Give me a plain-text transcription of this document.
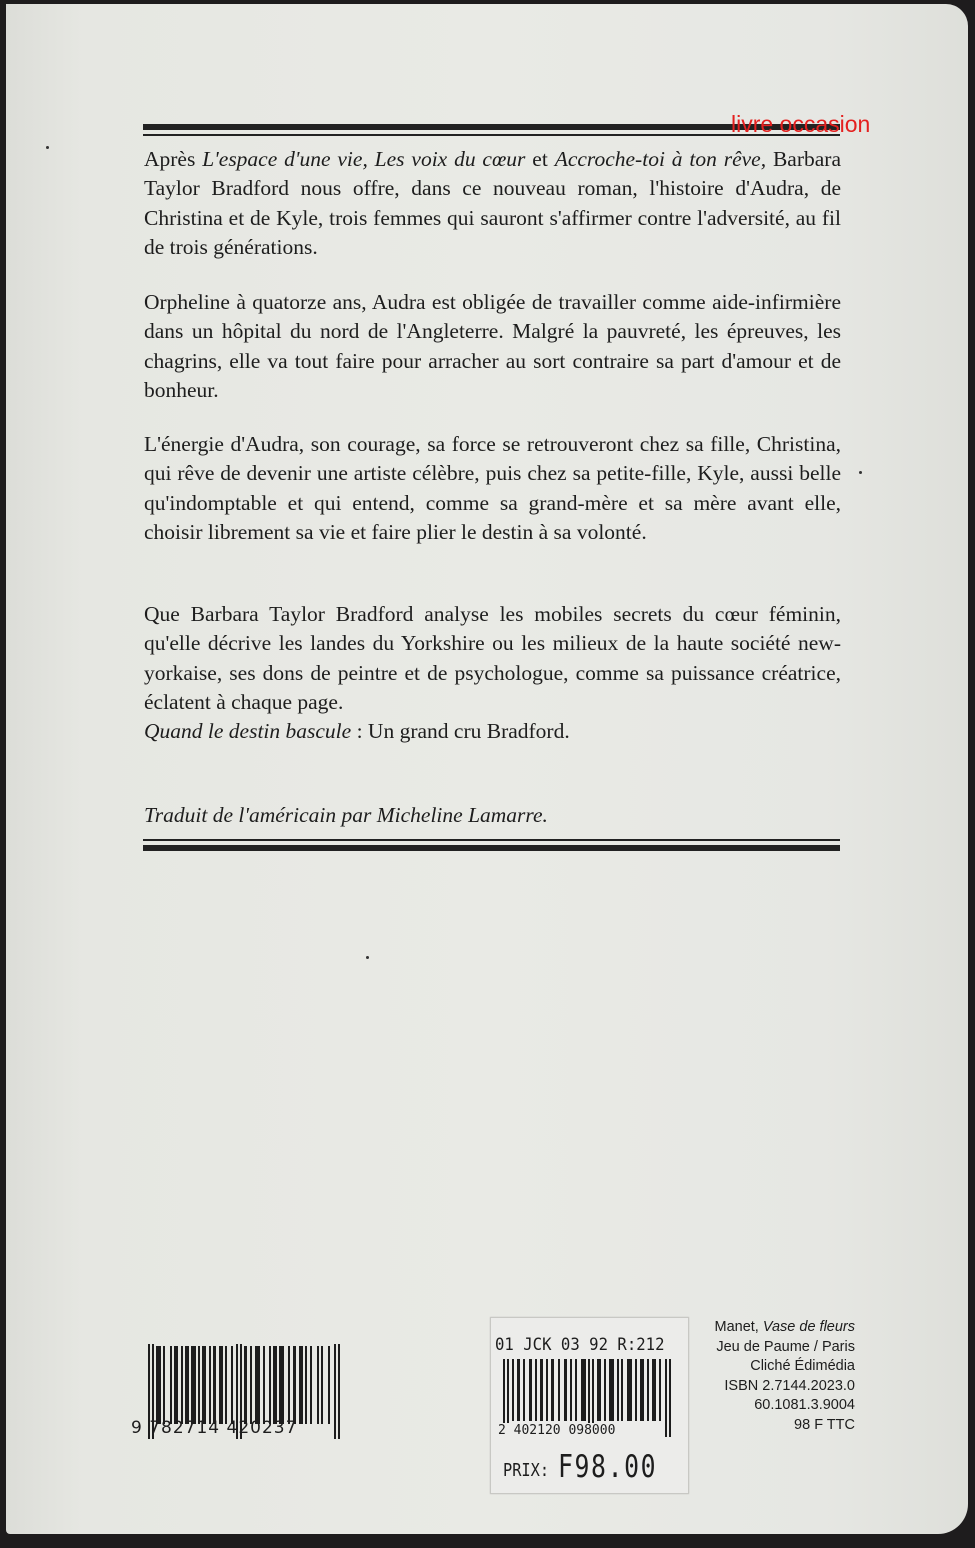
livre occasion

Après L'espace d'une vie, Les voix du cœur et Accroche-toi à ton rêve, Barbara Taylor Bradford nous offre, dans ce nouveau roman, l'histoire d'Audra, de Christina et de Kyle, trois femmes qui sauront s'affirmer contre l'adversité, au fil de trois générations.

Orpheline à quatorze ans, Audra est obligée de travailler comme aide-infirmière dans un hôpital du nord de l'Angleterre. Malgré la pauvreté, les épreuves, les chagrins, elle va tout faire pour arracher au sort contraire sa part d'amour et de bonheur.

L'énergie d'Audra, son courage, sa force se retrouveront chez sa fille, Christina, qui rêve de devenir une artiste célèbre, puis chez sa petite-fille, Kyle, aussi belle qu'indomptable et qui entend, comme sa grand-mère et sa mère avant elle, choisir librement sa vie et faire plier le destin à sa volonté.

Que Barbara Taylor Bradford analyse les mobiles secrets du cœur féminin, qu'elle décrive les landes du Yorkshire ou les milieux de la haute société new-yorkaise, ses dons de peintre et de psychologue, comme sa puissance créatrice, éclatent à chaque page.

Quand le destin bascule : Un grand cru Bradford.

Traduit de l'américain par Micheline Lamarre.

9 782714 420237
01 JCK 03 92 R:212
2 402120 098000
PRIX: F98.00
Manet, Vase de fleurs
Jeu de Paume / Paris
Cliché Édimédia
ISBN 2.7144.2023.0
60.1081.3.9004
98 F TTC
